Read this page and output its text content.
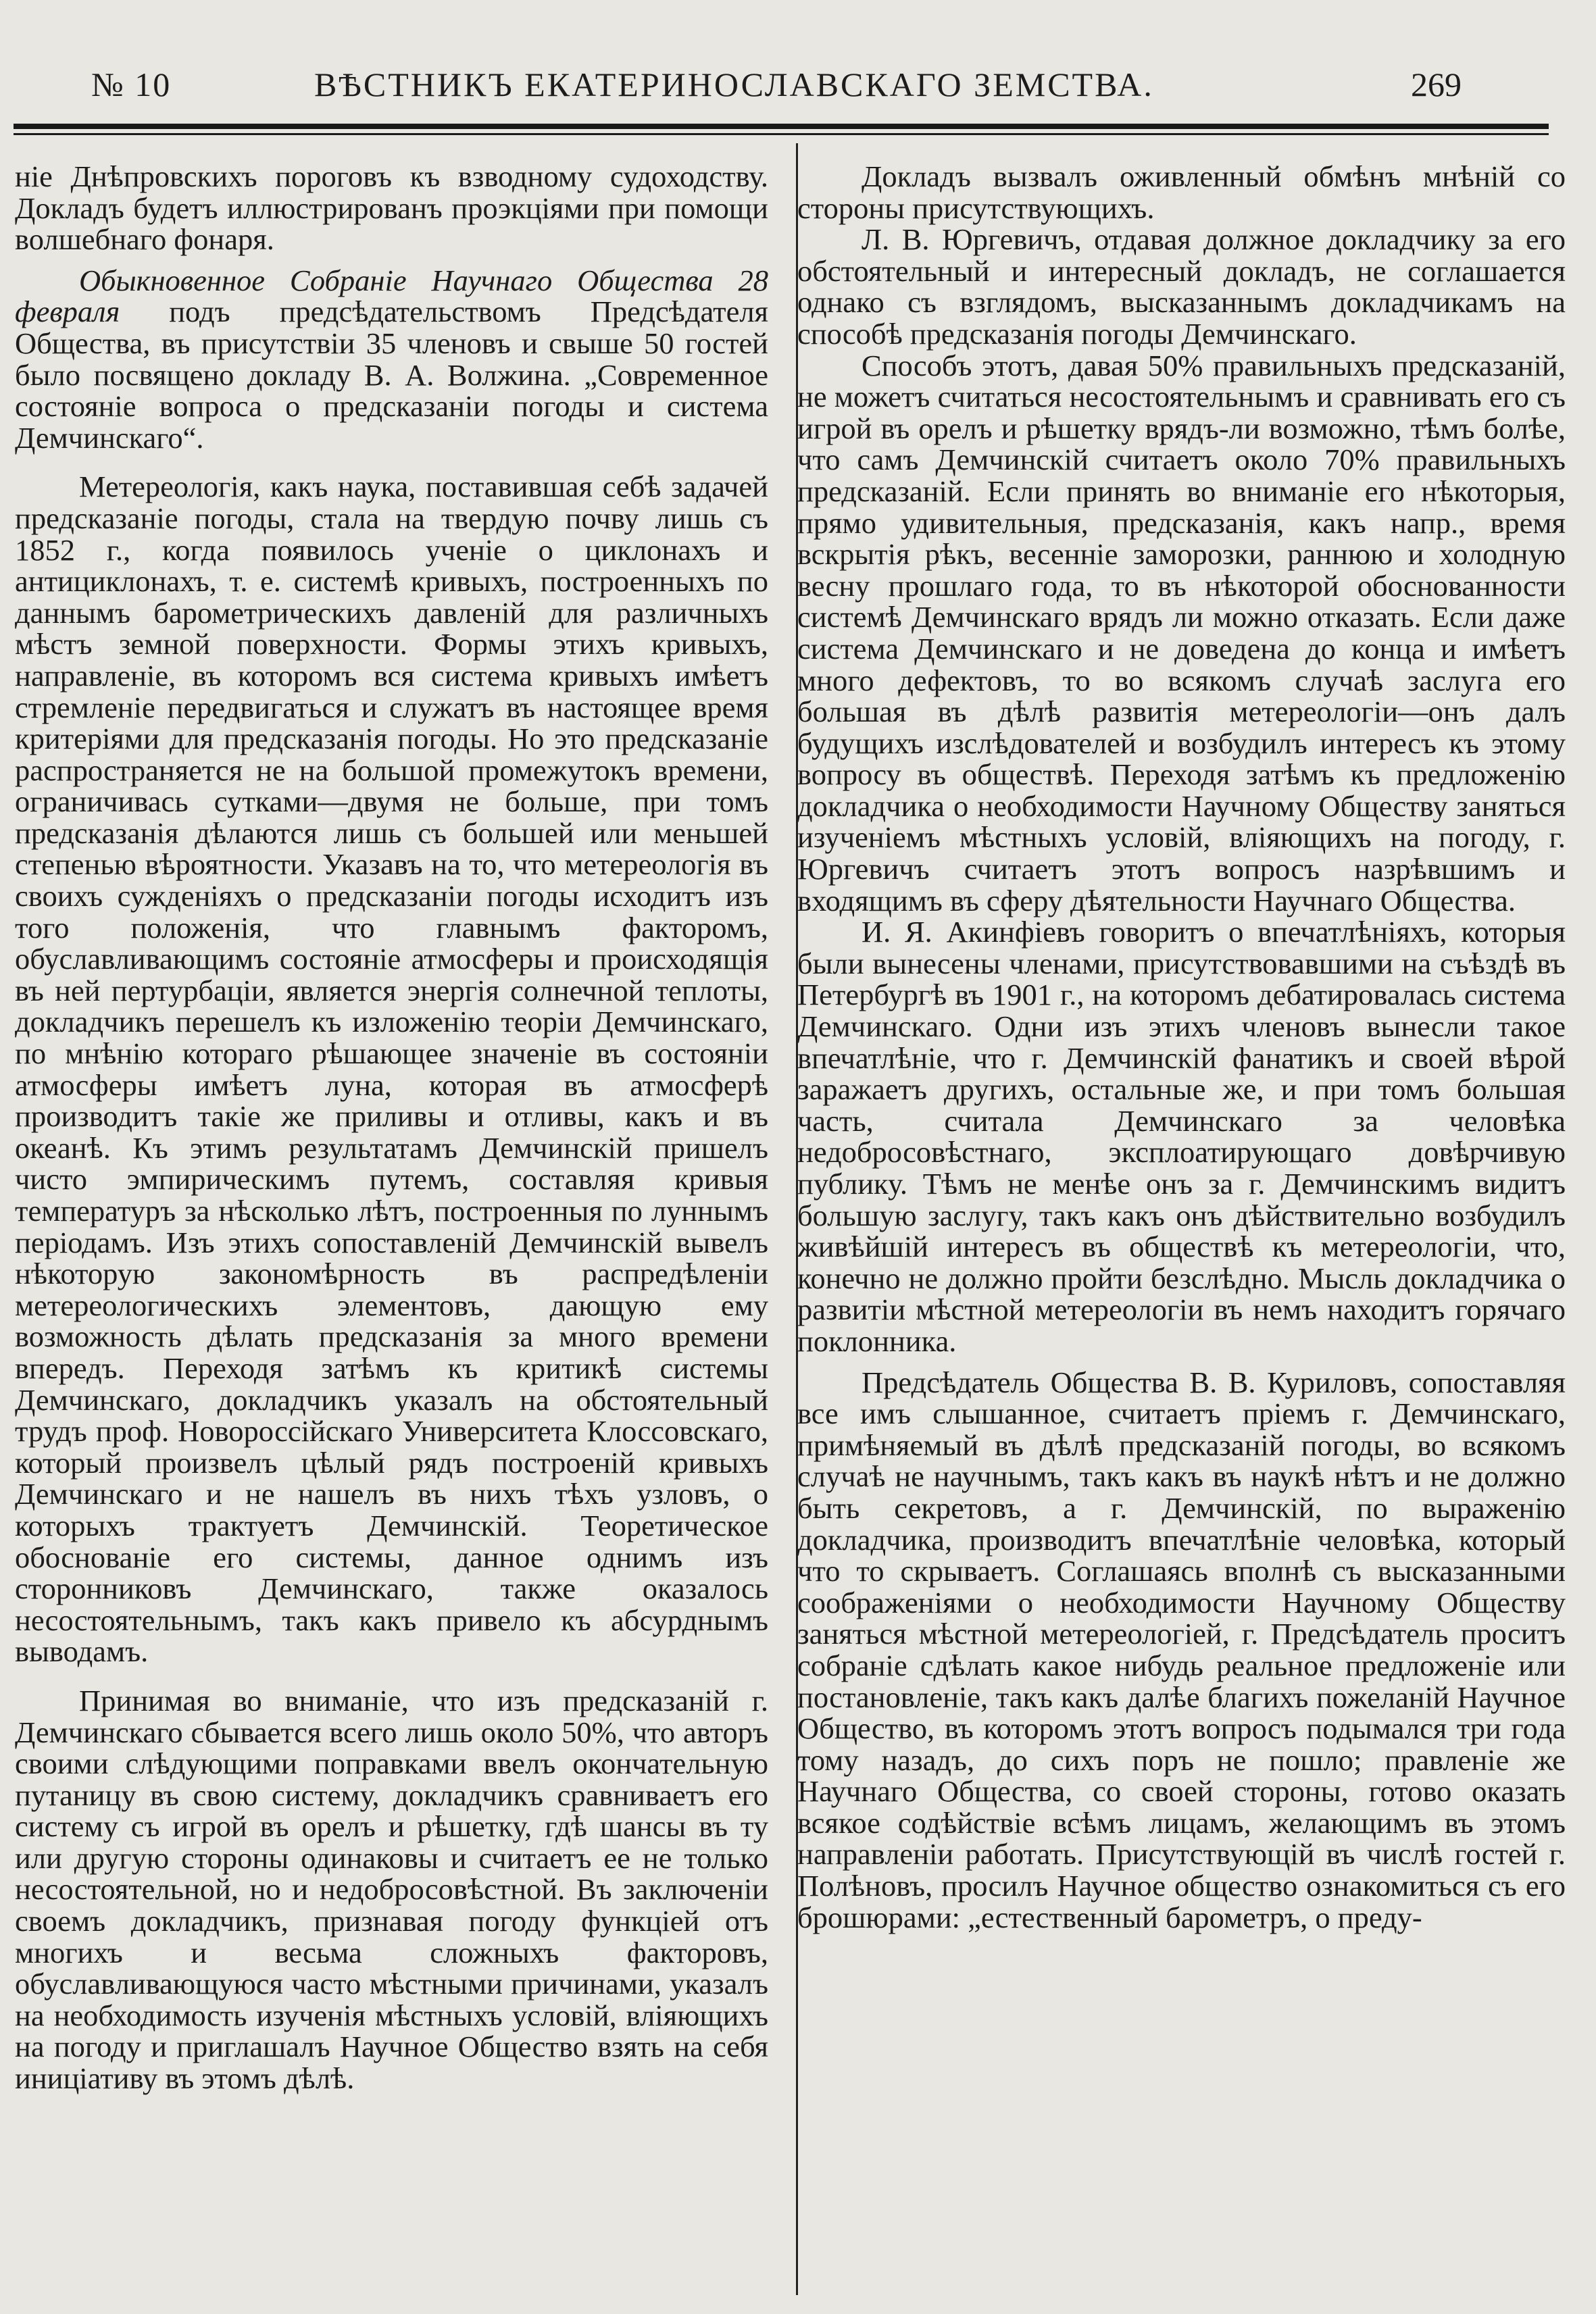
№ 10	ВѢСТНИКЪ ЕКАТЕРИНОСЛАВСКАГО ЗЕМСТВА.	269

ніе Днѣпровскихъ пороговъ къ взводному судоходству. Докладъ будетъ иллюстрированъ проэкціями при помощи волшебнаго фонаря.

Обыкновенное Собраніе Научнаго Общества 28 февраля подъ предсѣдательствомъ Предсѣдателя Общества, въ присутствіи 35 членовъ и свыше 50 гостей было посвящено докладу В. А. Волжина. „Современное состояніе вопроса о предсказаніи погоды и система Демчинскаго“.

Метереологія, какъ наука, поставившая себѣ задачей предсказаніе погоды, стала на твердую почву лишь съ 1852 г., когда появилось ученіе о циклонахъ и антициклонахъ, т. е. системѣ кривыхъ, построенныхъ по даннымъ барометрическихъ давленій для различныхъ мѣстъ земной поверхности. Формы этихъ кривыхъ, направленіе, въ которомъ вся система кривыхъ имѣетъ стремленіе передвигаться и служатъ въ настоящее время критеріями для предсказанія погоды. Но это предсказаніе распространяется не на большой промежутокъ времени, ограничивась сутками—двумя не больше, при томъ предсказанія дѣлаются лишь съ большей или меньшей степенью вѣроятности. Указавъ на то, что метереологія въ своихъ сужденіяхъ о предсказаніи погоды исходитъ изъ того положенія, что главнымъ факторомъ, обуславливающимъ состояніе атмосферы и происходящія въ ней пертурбаціи, является энергія солнечной теплоты, докладчикъ перешелъ къ изложенію теоріи Демчинскаго, по мнѣнію котораго рѣшающее значеніе въ состояніи атмосферы имѣетъ луна, которая въ атмосферѣ производитъ такіе же приливы и отливы, какъ и въ океанѣ. Къ этимъ результатамъ Демчинскій пришелъ чисто эмпирическимъ путемъ, составляя кривыя температуръ за нѣсколько лѣтъ, построенныя по луннымъ періодамъ. Изъ этихъ сопоставленій Демчинскій вывелъ нѣкоторую закономѣрность въ распредѣленіи метереологическихъ элементовъ, дающую ему возможность дѣлать предсказанія за много времени впередъ. Переходя затѣмъ къ критикѣ системы Демчинскаго, докладчикъ указалъ на обстоятельный трудъ проф. Новороссійскаго Университета Клоссовскаго, который произвелъ цѣлый рядъ построеній кривыхъ Демчинскаго и не нашелъ въ нихъ тѣхъ узловъ, о которыхъ трактуетъ Демчинскій. Теоретическое обоснованіе его системы, данное однимъ изъ сторонниковъ Демчинскаго, также оказалось несостоятельнымъ, такъ какъ привело къ абсурднымъ выводамъ.

Принимая во вниманіе, что изъ предсказаній г. Демчинскаго сбывается всего лишь около 50%, что авторъ своими слѣдующими поправками ввелъ окончательную путаницу въ свою систему, докладчикъ сравниваетъ его систему съ игрой въ орелъ и рѣшетку, гдѣ шансы въ ту или другую стороны одинаковы и считаетъ ее не только несостоятельной, но и недобросовѣстной. Въ заключеніи своемъ докладчикъ, признавая погоду функціей отъ многихъ и весьма сложныхъ факторовъ, обуславливающуюся часто мѣстными причинами, указалъ на необходимость изученія мѣстныхъ условій, вліяющихъ на погоду и приглашалъ Научное Общество взять на себя иниціативу въ этомъ дѣлѣ.

Докладъ вызвалъ оживленный обмѣнъ мнѣній со стороны присутствующихъ.

Л. В. Юргевичъ, отдавая должное докладчику за его обстоятельный и интересный докладъ, не соглашается однако съ взглядомъ, высказаннымъ докладчикамъ на способѣ предсказанія погоды Демчинскаго.

Способъ этотъ, давая 50% правильныхъ предсказаній, не можетъ считаться несостоятельнымъ и сравнивать его съ игрой въ орелъ и рѣшетку врядъ-ли возможно, тѣмъ болѣе, что самъ Демчинскій считаетъ около 70% правильныхъ предсказаній. Если принять во вниманіе его нѣкоторыя, прямо удивительныя, предсказанія, какъ напр., время вскрытія рѣкъ, весенніе заморозки, раннюю и холодную весну прошлаго года, то въ нѣкоторой обоснованности системѣ Демчинскаго врядъ ли можно отказать. Если даже система Демчинскаго и не доведена до конца и имѣетъ много дефектовъ, то во всякомъ случаѣ заслуга его большая въ дѣлѣ развитія метереологіи—онъ далъ будущихъ изслѣдователей и возбудилъ интересъ къ этому вопросу въ обществѣ. Переходя затѣмъ къ предложенію докладчика о необходимости Научному Обществу заняться изученіемъ мѣстныхъ условій, вліяющихъ на погоду, г. Юргевичъ считаетъ этотъ вопросъ назрѣвшимъ и входящимъ въ сферу дѣятельности Научнаго Общества.

И. Я. Акинфіевъ говоритъ о впечатлѣніяхъ, которыя были вынесены членами, присутствовавшими на съѣздѣ въ Петербургѣ въ 1901 г., на которомъ дебатировалась система Демчинскаго. Одни изъ этихъ членовъ вынесли такое впечатлѣніе, что г. Демчинскій фанатикъ и своей вѣрой заражаетъ другихъ, остальные же, и при томъ большая часть, считала Демчинскаго за человѣка недобросовѣстнаго, эксплоатирующаго довѣрчивую публику. Тѣмъ не менѣе онъ за г. Демчинскимъ видитъ большую заслугу, такъ какъ онъ дѣйствительно возбудилъ живѣйшій интересъ въ обществѣ къ метереологіи, что, конечно не должно пройти безслѣдно. Мысль докладчика о развитіи мѣстной метереологіи въ немъ находитъ горячаго поклонника.

Предсѣдатель Общества В. В. Куриловъ, сопоставляя все имъ слышанное, считаетъ пріемъ г. Демчинскаго, примѣняемый въ дѣлѣ предсказаній погоды, во всякомъ случаѣ не научнымъ, такъ какъ въ наукѣ нѣтъ и не должно быть секретовъ, а г. Демчинскій, по выраженію докладчика, производитъ впечатлѣніе человѣка, который что то скрываетъ. Соглашаясь вполнѣ съ высказанными соображеніями о необходимости Научному Обществу заняться мѣстной метереологіей, г. Предсѣдатель проситъ собраніе сдѣлать какое нибудь реальное предложеніе или постановленіе, такъ какъ далѣе благихъ пожеланій Научное Общество, въ которомъ этотъ вопросъ подымался три года тому назадъ, до сихъ поръ не пошло; правленіе же Научнаго Общества, со своей стороны, готово оказать всякое содѣйствіе всѣмъ лицамъ, желающимъ въ этомъ направленіи работать. Присутствующій въ числѣ гостей г. Полѣновъ, просилъ Научное общество ознакомиться съ его брошюрами: „естественный барометръ, о преду-
